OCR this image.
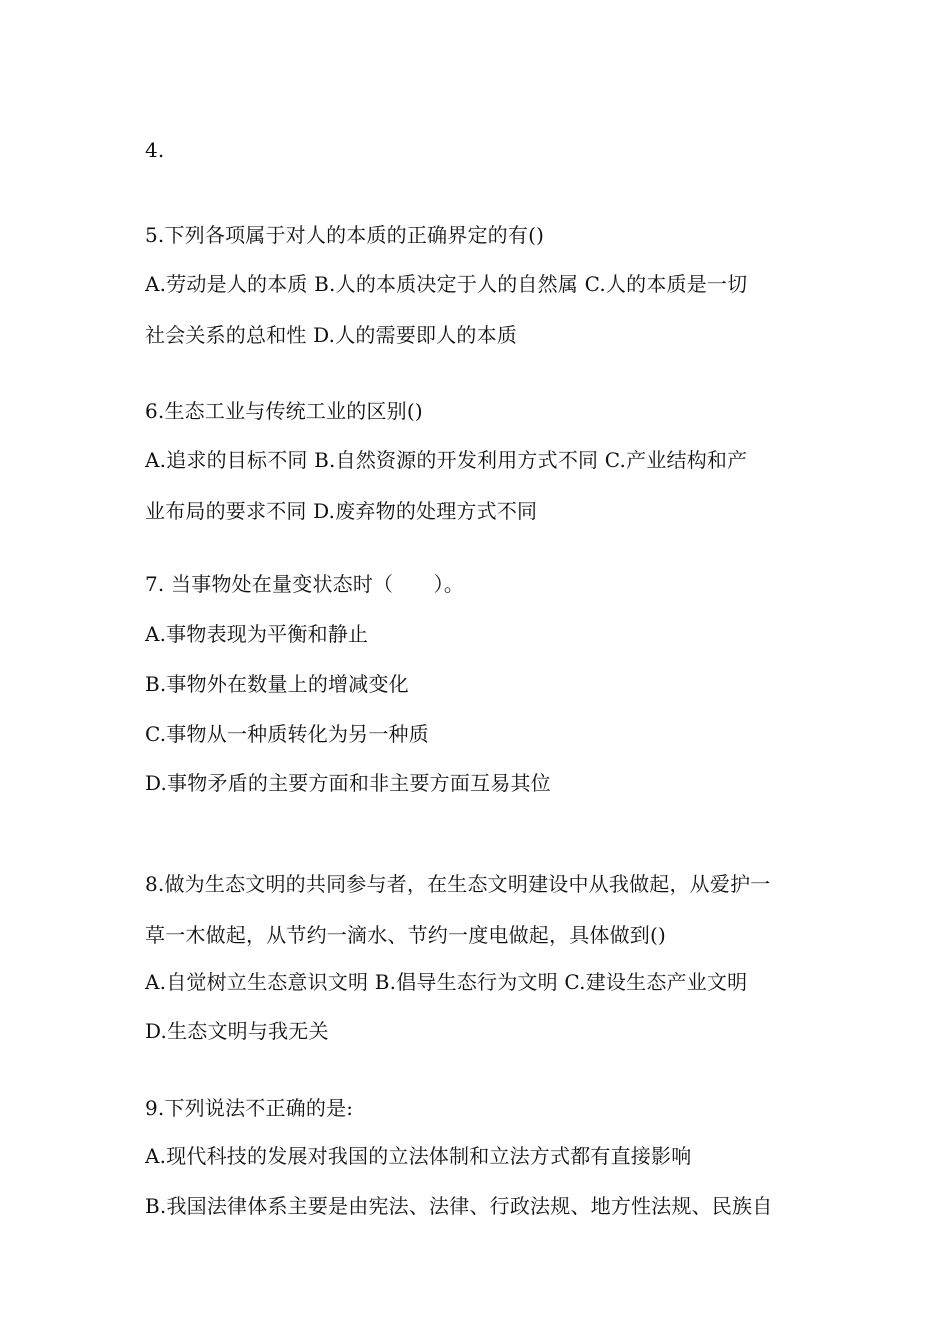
4.
5.下列各项属于对人的本质的正确界定的有()
A.劳动是人的本质 B.人的本质决定于人的自然属 C.人的本质是一切
社会关系的总和性 D.人的需要即人的本质
6.生态工业与传统工业的区别()
A.追求的目标不同 B.自然资源的开发利用方式不同 C.产业结构和产
业布局的要求不同 D.废弃物的处理方式不同
7. 当事物处在量变状态时（　　）。
A.事物表现为平衡和静止
B.事物外在数量上的增减变化
C.事物从一种质转化为另一种质
D.事物矛盾的主要方面和非主要方面互易其位
8.做为生态文明的共同参与者，在生态文明建设中从我做起，从爱护一
草一木做起，从节约一滴水、节约一度电做起，具体做到()
A.自觉树立生态意识文明 B.倡导生态行为文明 C.建设生态产业文明
D.生态文明与我无关
9.下列说法不正确的是:
A.现代科技的发展对我国的立法体制和立法方式都有直接影响
B.我国法律体系主要是由宪法、法律、行政法规、地方性法规、民族自
